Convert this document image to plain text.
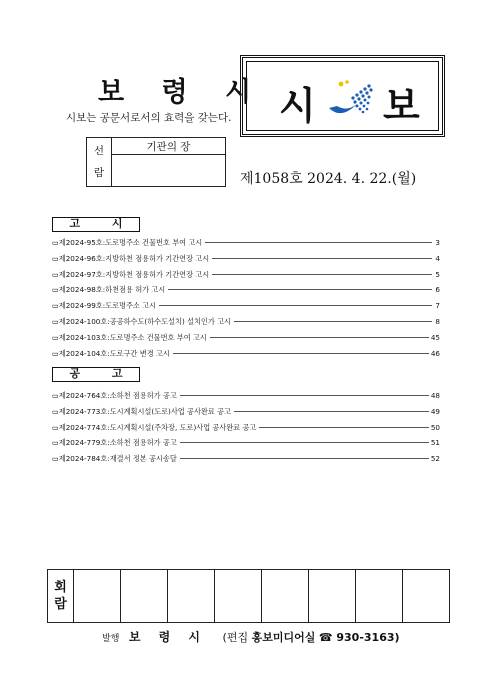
보 령 시
시보는 공문서로서의 효력을 갖는다. 시 보
선
람	기관의 장

제1058호 2024. 4. 22.(월)
고 시
▭제2024-95호:도로명주소 건물번호 부여 고시	3
▭제2024-96호:지방하천 점용허가 기간연장 고시	4
▭제2024-97호:지방하천 점용허가 기간연장 고시	5
▭제2024-98호:하천점용 허가 고시	6
▭제2024-99호:도로명주소 고시	7
▭제2024-100호:공공하수도(하수도설치) 설치인가 고시	8
▭제2024-103호:도로명주소 건물번호 부여 고시	45
▭제2024-104호:도로구간 변경 고시	46
공 고
▭제2024-764호:소하천 점용허가 공고	48
▭제2024-773호:도시계획시설(도로)사업 공사완료 공고	49
▭제2024-774호:도시계획시설(주차장, 도로)사업 공사완료 공고	50
▭제2024-779호:소하천 점용허가 공고	51
▭제2024-784호:재결서 정본 공시송달	52
회
람								
발행 보 령 시 (편집 홍보미디어실 ☎ 930-3163)
